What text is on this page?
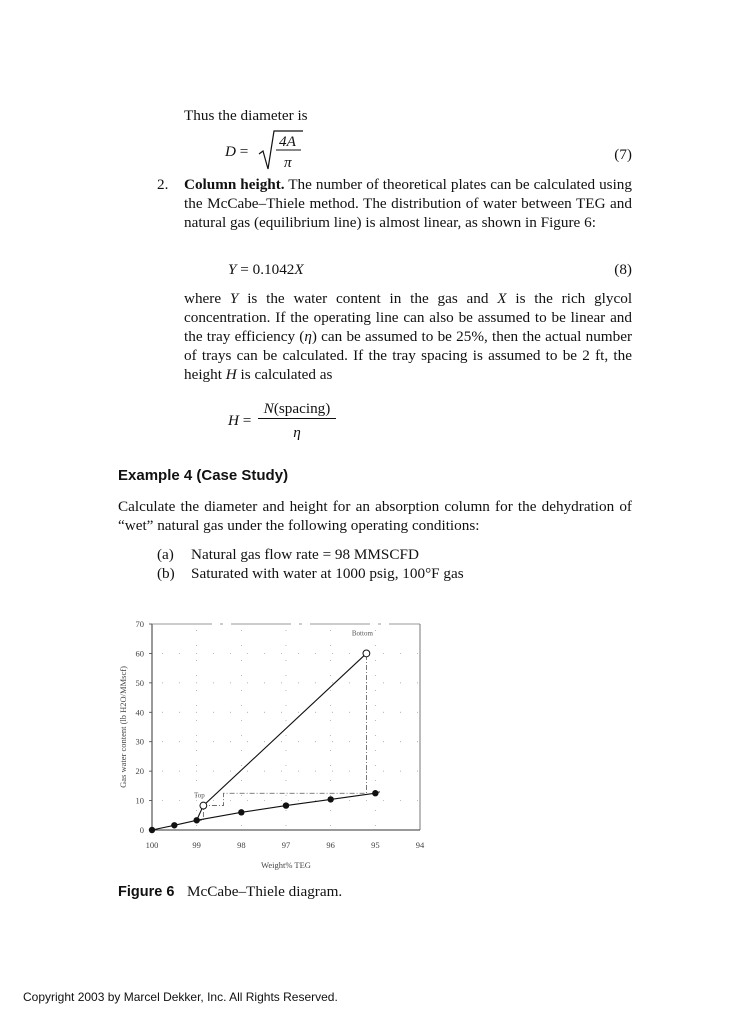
Thus the diameter is
D =
4A
π	(7)
2. Column height. The number of theoretical plates can be calculated using the McCabe–Thiele method. The distribution of water between TEG and natural gas (equilibrium line) is almost linear, as shown in Figure 6:
Y = 0.1042X	(8)
where Y is the water content in the gas and X is the rich glycol concentration. If the operating line can also be assumed to be linear and the tray efficiency (η) can be assumed to be 25%, then the actual number of trays can be calculated. If the tray spacing is assumed to be 2 ft, the height H is calculated as
H =
N(spacing)
η
Example 4 (Case Study)
Calculate the diameter and height for an absorption column for the dehydration of “wet” natural gas under the following operating conditions:
(a) Natural gas flow rate = 98 MMSCFD
(b) Saturated with water at 1000 psig, 100°F gas
100	99	98	97	96	95	94
0
10
20
30
40
50
60
70
Weight% TEG
Gas water content (lb H2O/MMscf)
Top
Bottom
Figure 6 McCabe–Thiele diagram.
Copyright 2003 by Marcel Dekker, Inc. All Rights Reserved.
